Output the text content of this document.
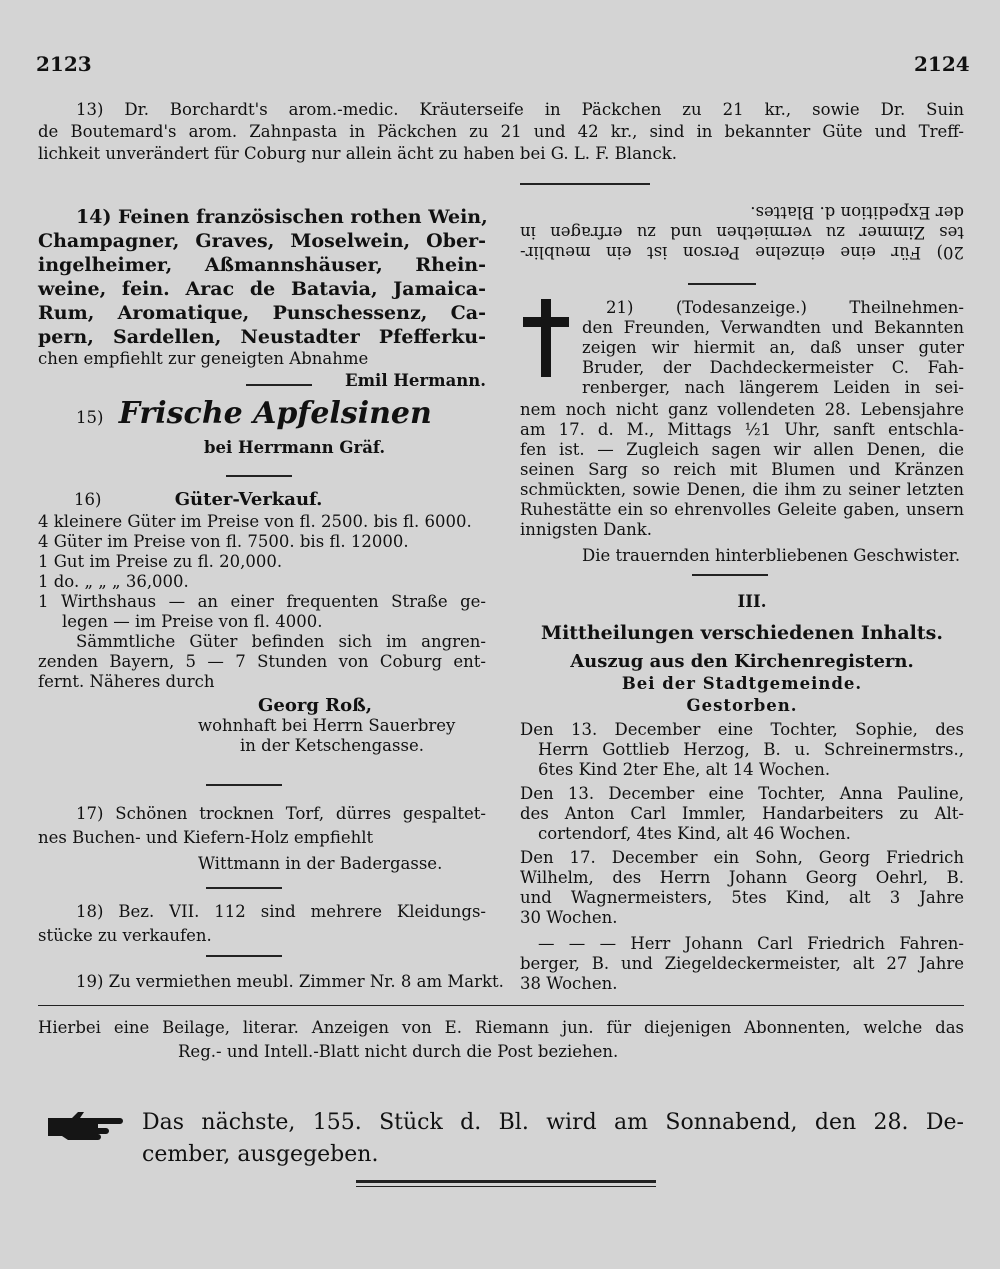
2123	2124

13) Dr. Borchardt's arom.-medic. Kräuterseife in Päckchen zu 21 kr., sowie Dr. Suin

de Boutemard's arom. Zahnpasta in Päckchen zu 21 und 42 kr., sind in bekannter Güte und Treff-

lichkeit unverändert für Coburg nur allein ächt zu haben bei G. L. F. Blanck.

14) Feinen französischen rothen Wein,

Champagner, Graves, Moselwein, Ober-

ingelheimer, Aßmannshäuser, Rhein-

weine, fein. Arac de Batavia, Jamaica-

Rum, Aromatique, Punschessenz, Ca-

pern, Sardellen, Neustadter Pfefferku-

chen empfiehlt zur geneigten Abnahme

Emil Hermann.

15) Frische Apfelsinen

bei Herrmann Gräf.

16)	Güter-Verkauf.

4 kleinere Güter im Preise von fl. 2500. bis fl. 6000.

4 Güter im Preise von fl. 7500. bis fl. 12000.

1 Gut im Preise zu fl. 20,000.

1 do. „ „ „ 36,000.

1 Wirthshaus — an einer frequenten Straße ge-

legen — im Preise von fl. 4000.

Sämmtliche Güter befinden sich im angren-

zenden Bayern, 5 — 7 Stunden von Coburg ent-

fernt. Näheres durch

Georg Roß,

wohnhaft bei Herrn Sauerbrey

in der Ketschengasse.

17) Schönen trocknen Torf, dürres gespaltet-

nes Buchen- und Kiefern-Holz empfiehlt

Wittmann in der Badergasse.

18) Bez. VII. 112 sind mehrere Kleidungs-

stücke zu verkaufen.

19) Zu vermiethen meubl. Zimmer Nr. 8 am Markt.

20) Für eine einzelne Person ist ein meublir-

tes Zimmer zu vermiethen und zu erfragen in

der Expedition d. Blattes.

21) (Todesanzeige.) Theilnehmen-

den Freunden, Verwandten und Bekannten

zeigen wir hiermit an, daß unser guter

Bruder, der Dachdeckermeister C. Fah-

renberger, nach längerem Leiden in sei-

nem noch nicht ganz vollendeten 28. Lebensjahre

am 17. d. M., Mittags ½1 Uhr, sanft entschla-

fen ist. — Zugleich sagen wir allen Denen, die

seinen Sarg so reich mit Blumen und Kränzen

schmückten, sowie Denen, die ihm zu seiner letzten

Ruhestätte ein so ehrenvolles Geleite gaben, unsern

innigsten Dank.

Die trauernden hinterbliebenen Geschwister.

III.

Mittheilungen verschiedenen Inhalts.

Auszug aus den Kirchenregistern.

Bei der Stadtgemeinde.

Gestorben.

Den 13. December eine Tochter, Sophie, des

Herrn Gottlieb Herzog, B. u. Schreinermstrs.,

6tes Kind 2ter Ehe, alt 14 Wochen.

Den 13. December eine Tochter, Anna Pauline,

des Anton Carl Immler, Handarbeiters zu Alt-

cortendorf, 4tes Kind, alt 46 Wochen.

Den 17. December ein Sohn, Georg Friedrich

Wilhelm, des Herrn Johann Georg Oehrl, B.

und Wagnermeisters, 5tes Kind, alt 3 Jahre

30 Wochen.

— — — Herr Johann Carl Friedrich Fahren-

berger, B. und Ziegeldeckermeister, alt 27 Jahre

38 Wochen.

Hierbei eine Beilage, literar. Anzeigen von E. Riemann jun. für diejenigen Abonnenten, welche das

Reg.- und Intell.-Blatt nicht durch die Post beziehen.

Das nächste, 155. Stück d. Bl. wird am Sonnabend, den 28. De-

cember, ausgegeben.
